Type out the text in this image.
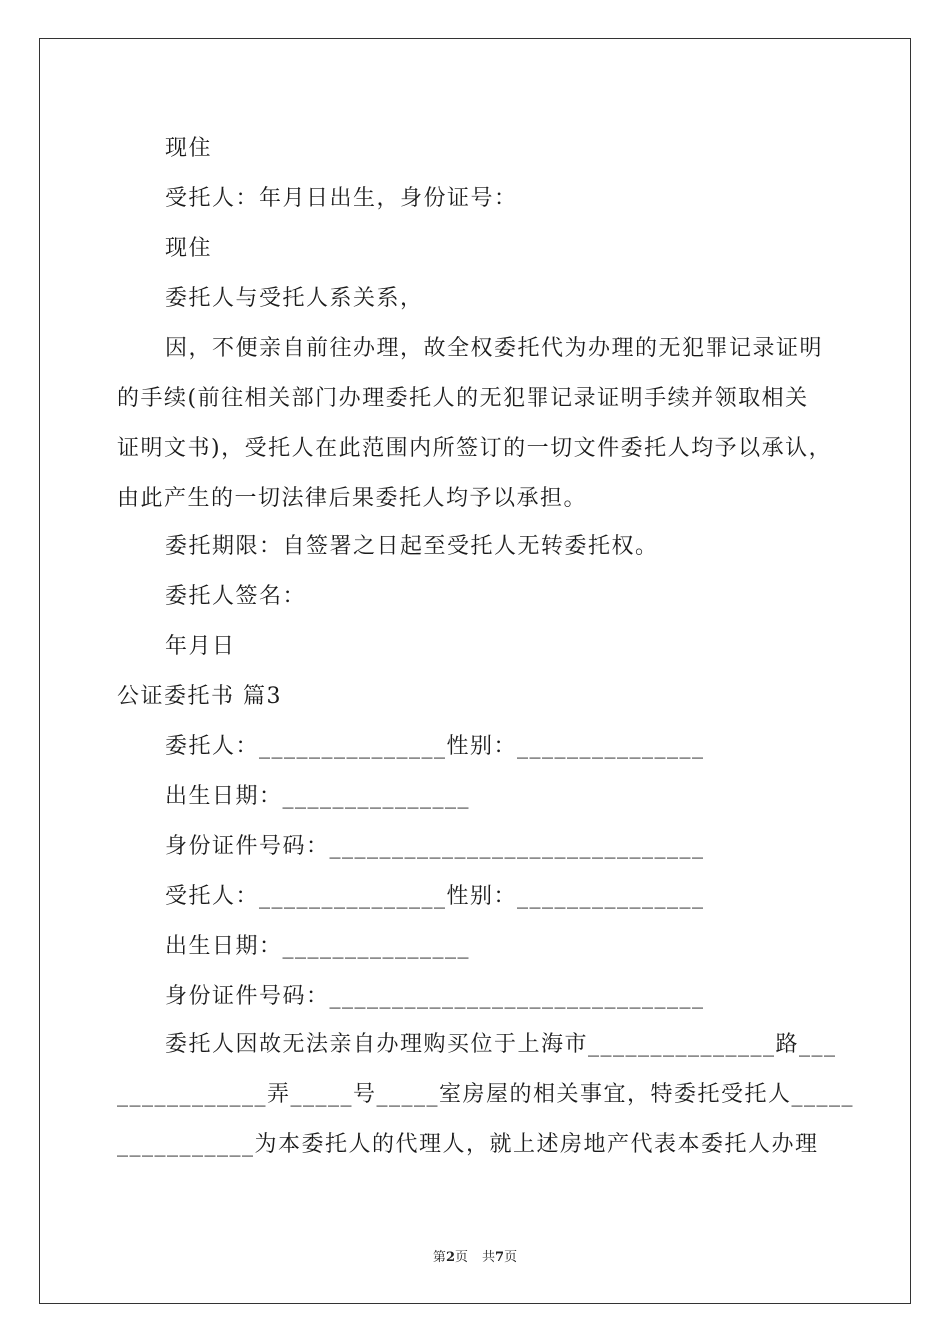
现住
受托人：年月日出生，身份证号：
现住
委托人与受托人系关系，
因，不便亲自前往办理，故全权委托代为办理的无犯罪记录证明
的手续(前往相关部门办理委托人的无犯罪记录证明手续并领取相关
证明文书)，受托人在此范围内所签订的一切文件委托人均予以承认，
由此产生的一切法律后果委托人均予以承担。
委托期限：自签署之日起至受托人无转委托权。
委托人签名：
年月日
公证委托书 篇3
委托人：_______________性别：_______________
出生日期：_______________
身份证件号码：______________________________
受托人：_______________性别：_______________
出生日期：_______________
身份证件号码：______________________________
委托人因故无法亲自办理购买位于上海市_______________路___
____________弄_____号_____室房屋的相关事宜，特委托受托人_____
___________为本委托人的代理人，就上述房地产代表本委托人办理
第2页 共7页
